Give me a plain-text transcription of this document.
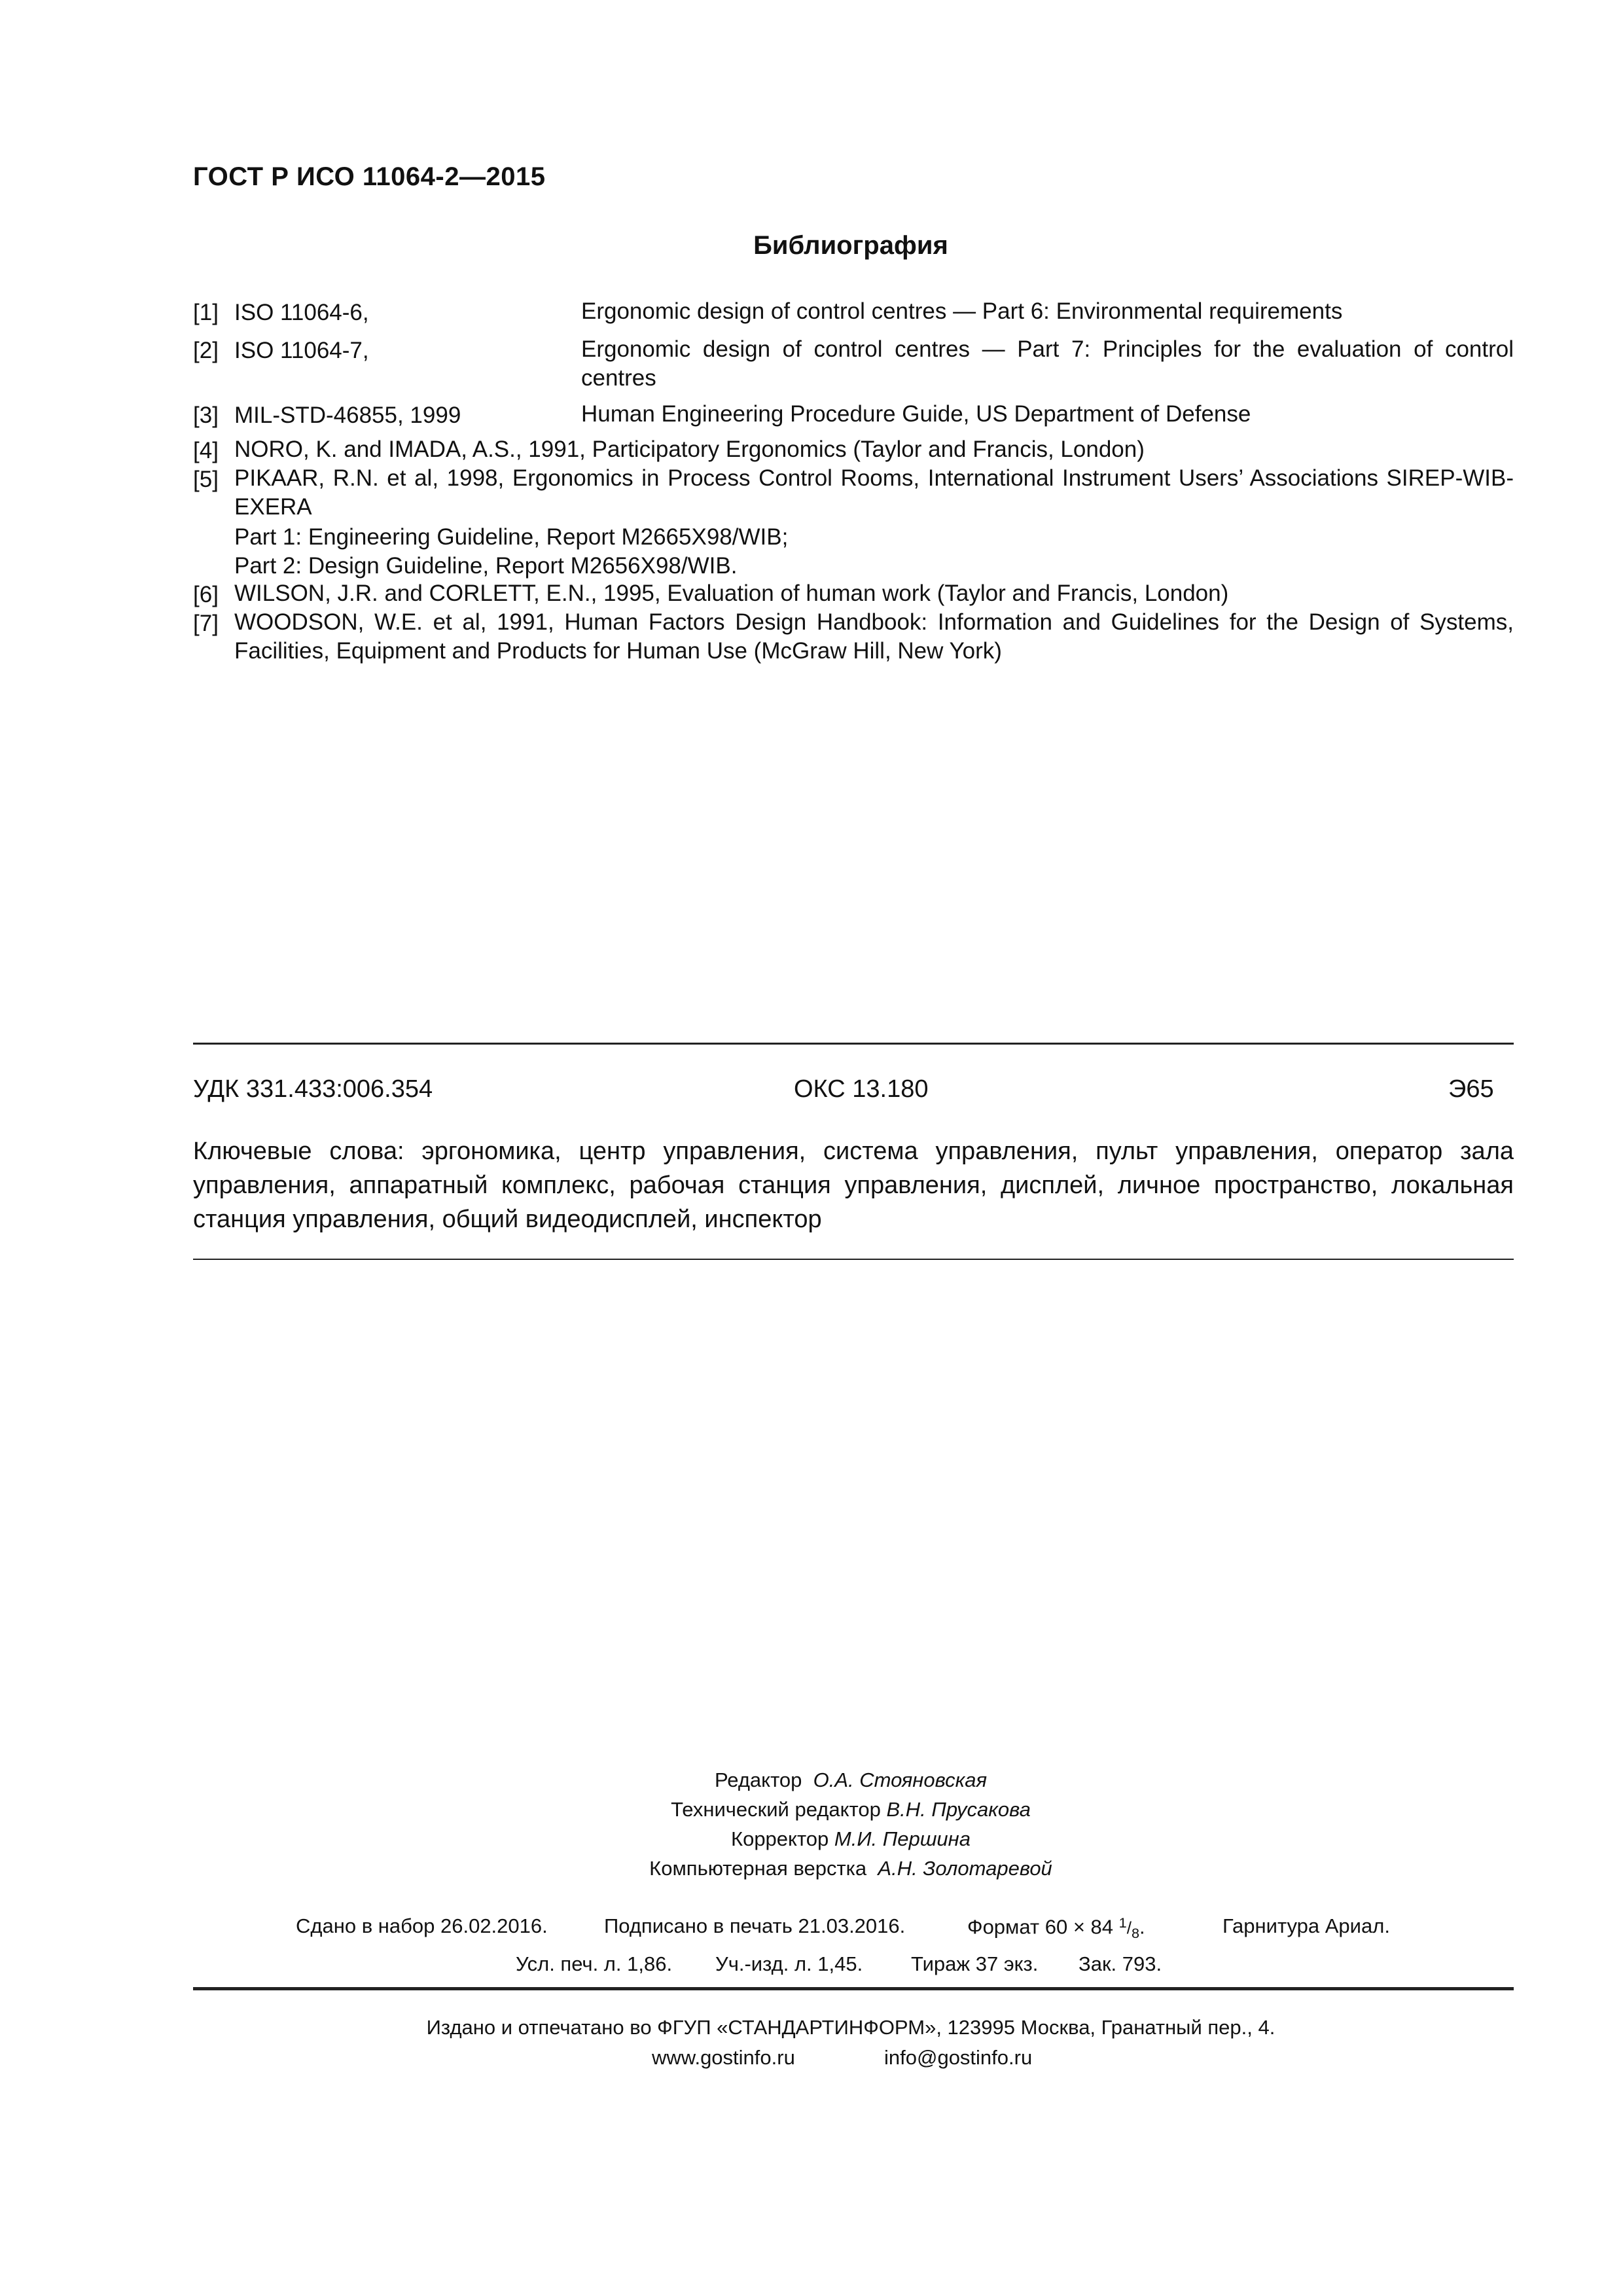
ГОСТ Р ИСО 11064-2—2015
Библиография
[1] ISO 11064-6,	Ergonomic design of control centres — Part 6: Environmental requirements
[2] ISO 11064-7,	Ergonomic design of control centres — Part 7: Principles for the evaluation of control centres
[3] MIL-STD-46855, 1999	Human Engineering Procedure Guide, US Department of Defense
[4] NORO, K. and IMADA, A.S., 1991, Participatory Ergonomics (Taylor and Francis, London)
[5] PIKAAR, R.N. et al, 1998, Ergonomics in Process Control Rooms, International Instrument Users’ Associations SIREP-WIB-EXERA
Part 1: Engineering Guideline, Report M2665X98/WIB;
Part 2: Design Guideline, Report M2656X98/WIB.
[6] WILSON, J.R. and CORLETT, E.N., 1995, Evaluation of human work (Taylor and Francis, London)
[7] WOODSON, W.E. et al, 1991, Human Factors Design Handbook: Information and Guidelines for the Design of Systems, Facilities, Equipment and Products for Human Use (McGraw Hill, New York)
УДК 331.433:006.354	ОКС 13.180	Э65
Ключевые слова: эргономика, центр управления, система управления, пульт управления, оператор зала управления, аппаратный комплекс, рабочая станция управления, дисплей, личное пространство, локальная станция управления, общий видеодисплей, инспектор
Редактор О.А. Стояновская
Технический редактор В.Н. Прусакова
Корректор М.И. Першина
Компьютерная верстка А.Н. Золотаревой
Сдано в набор 26.02.2016.	Подписано в печать 21.03.2016.	Формат 60 × 84 $^1/_8$.	Гарнитура Ариал.
Усл. печ. л. 1,86. Уч.-изд. л. 1,45. Тираж 37 экз. Зак. 793.
Издано и отпечатано во ФГУП «СТАНДАРТИНФОРМ», 123995 Москва, Гранатный пер., 4.
www.gostinfo.ru	info@gostinfo.ru
